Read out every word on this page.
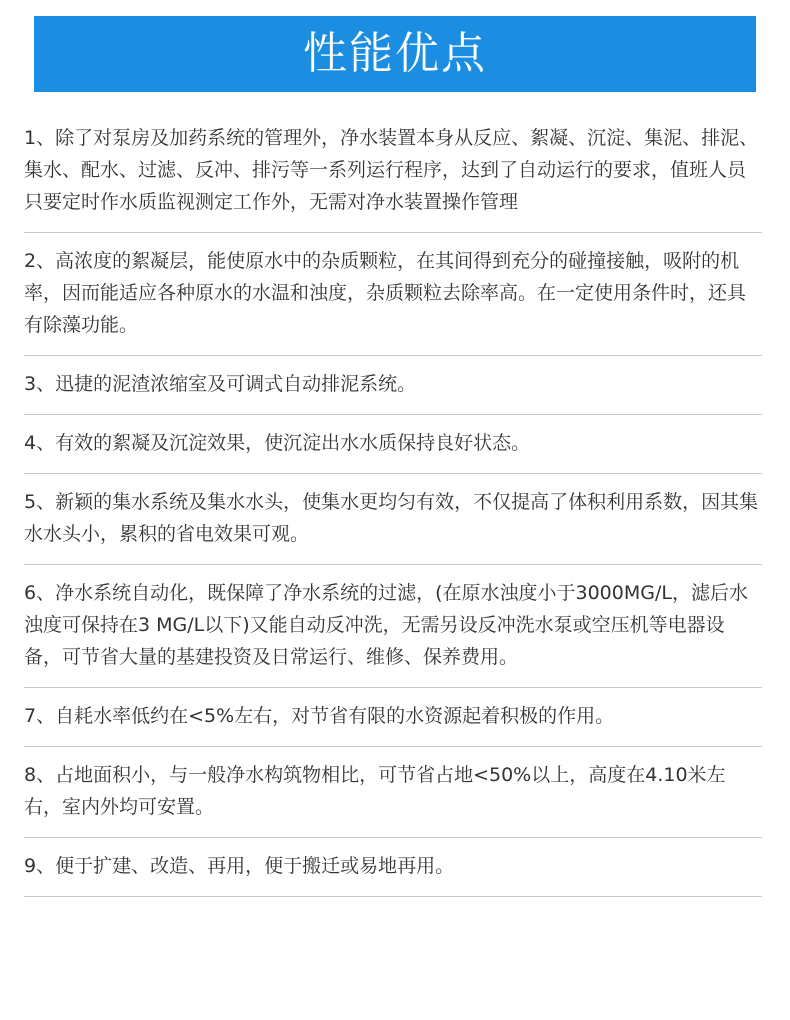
性能优点
1、除了对泵房及加药系统的管理外，净水装置本身从反应、絮凝、沉淀、集泥、排泥、集水、配水、过滤、反冲、排污等一系列运行程序，达到了自动运行的要求，值班人员只要定时作水质监视测定工作外，无需对净水装置操作管理
2、高浓度的絮凝层，能使原水中的杂质颗粒，在其间得到充分的碰撞接触，吸附的机率，因而能适应各种原水的水温和浊度，杂质颗粒去除率高。在一定使用条件时，还具有除藻功能。
3、迅捷的泥渣浓缩室及可调式自动排泥系统。
4、有效的絮凝及沉淀效果，使沉淀出水水质保持良好状态。
5、新颖的集水系统及集水水头，使集水更均匀有效，不仅提高了体积利用系数，因其集水水头小，累积的省电效果可观。
6、净水系统自动化，既保障了净水系统的过滤，(在原水浊度小于3000MG/L，滤后水浊度可保持在3 MG/L以下)又能自动反冲洗，无需另设反冲洗水泵或空压机等电器设备，可节省大量的基建投资及日常运行、维修、保养费用。
7、自耗水率低约在<5%左右，对节省有限的水资源起着积极的作用。
8、占地面积小，与一般净水构筑物相比，可节省占地<50%以上，高度在4.10米左右，室内外均可安置。
9、便于扩建、改造、再用，便于搬迁或易地再用。
